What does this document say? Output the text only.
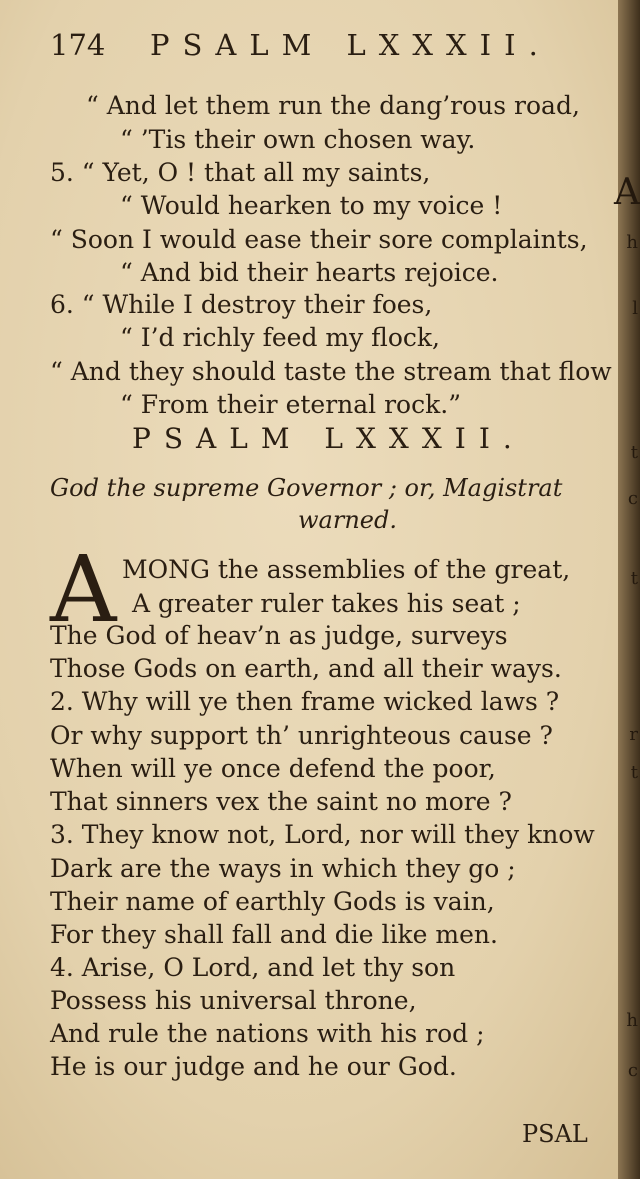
A
h
l
t
c
t
r
t
h
c
174 PSALM LXXXII.
“ And let them run the dang’rous road,
“ ’Tis their own chosen way.
5. “ Yet, O ! that all my saints,
“ Would hearken to my voice !
“ Soon I would ease their sore complaints,
“ And bid their hearts rejoice.
6. “ While I destroy their foes,
“ I’d richly feed my flock,
“ And they should taste the stream that flow
“ From their eternal rock.”
PSALM LXXXII.
God the supreme Governor ; or, Magistrat
warned.
A MONG the assemblies of the great,
A greater ruler takes his seat ;
The God of heav’n as judge, surveys
Those Gods on earth, and all their ways.
2. Why will ye then frame wicked laws ?
Or why support th’ unrighteous cause ?
When will ye once defend the poor,
That sinners vex the saint no more ?
3. They know not, Lord, nor will they know
Dark are the ways in which they go ;
Their name of earthly Gods is vain,
For they shall fall and die like men.
4. Arise, O Lord, and let thy son
Possess his universal throne,
And rule the nations with his rod ;
He is our judge and he our God.
PSAL
